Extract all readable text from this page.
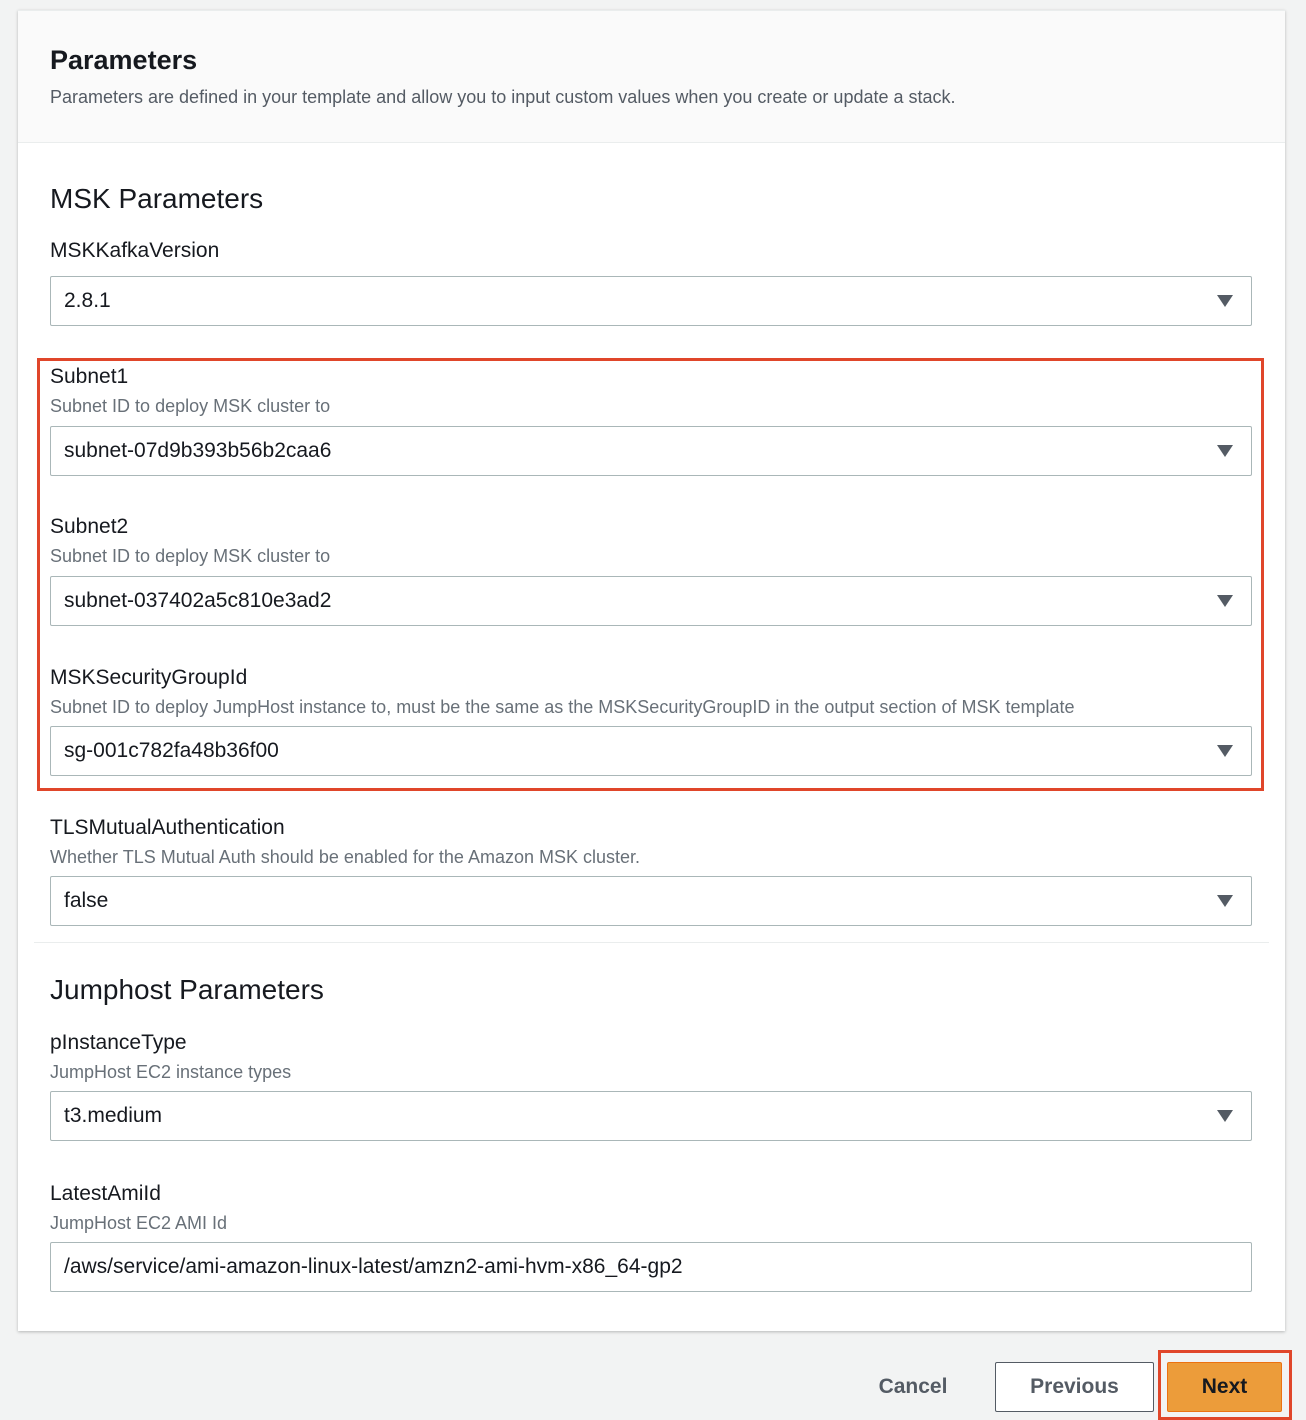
Parameters
Parameters are defined in your template and allow you to input custom values when you create or update a stack.
MSK Parameters
MSKKafkaVersion
2.8.1
Subnet1
Subnet ID to deploy MSK cluster to
subnet-07d9b393b56b2caa6
Subnet2
Subnet ID to deploy MSK cluster to
subnet-037402a5c810e3ad2
MSKSecurityGroupId
Subnet ID to deploy JumpHost instance to, must be the same as the MSKSecurityGroupID in the output section of MSK template
sg-001c782fa48b36f00
TLSMutualAuthentication
Whether TLS Mutual Auth should be enabled for the Amazon MSK cluster.
false
Jumphost Parameters
pInstanceType
JumpHost EC2 instance types
t3.medium
LatestAmiId
JumpHost EC2 AMI Id
/aws/service/ami-amazon-linux-latest/amzn2-ami-hvm-x86_64-gp2
Cancel	Previous	Next
